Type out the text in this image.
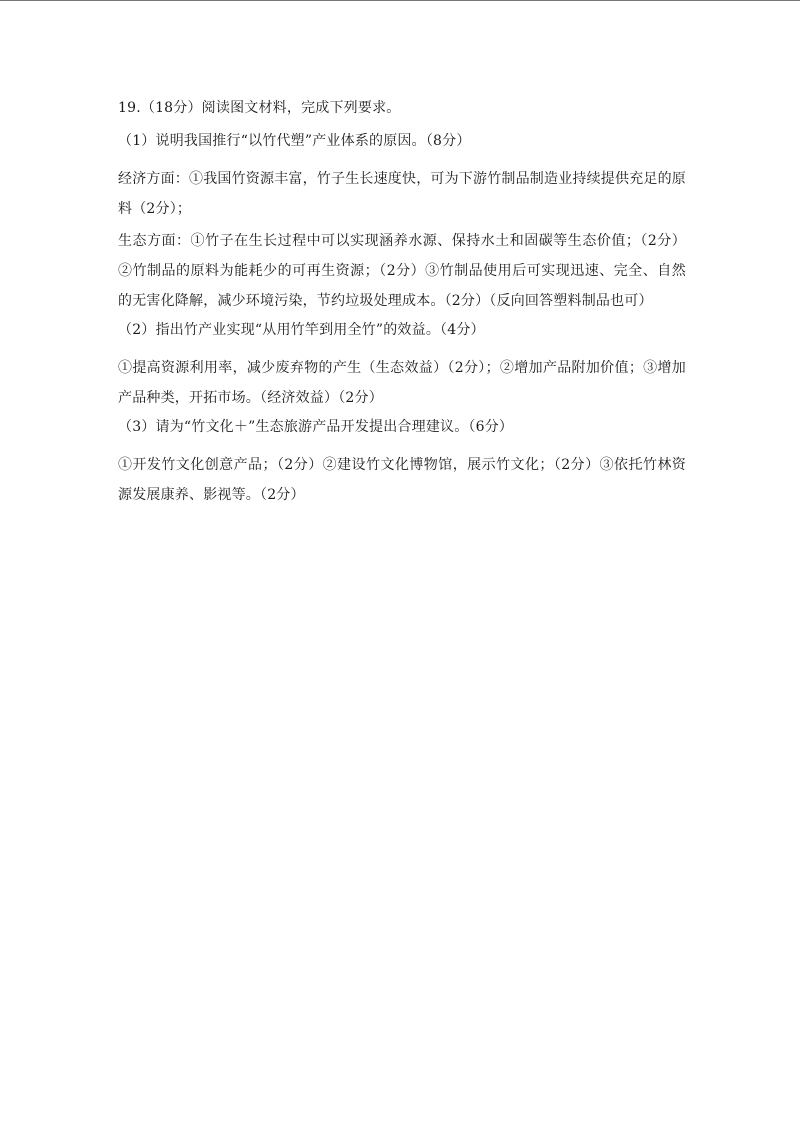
19.（18分）阅读图文材料，完成下列要求。
（1）说明我国推行“以竹代塑”产业体系的原因。（8分）
经济方面：①我国竹资源丰富，竹子生长速度快，可为下游竹制品制造业持续提供充足的原料（2分）；
生态方面：①竹子在生长过程中可以实现涵养水源、保持水土和固碳等生态价值；（2分）②竹制品的原料为能耗少的可再生资源；（2分）③竹制品使用后可实现迅速、完全、自然的无害化降解，减少环境污染，节约垃圾处理成本。（2分）（反向回答塑料制品也可）
（2）指出竹产业实现“从用竹竿到用全竹”的效益。（4分）
①提高资源利用率，减少废弃物的产生（生态效益）（2分）；②增加产品附加价值；③增加产品种类，开拓市场。（经济效益）（2分）
（3）请为“竹文化＋”生态旅游产品开发提出合理建议。（6分）
①开发竹文化创意产品；（2分）②建设竹文化博物馆，展示竹文化；（2分）③依托竹林资源发展康养、影视等。（2分）
